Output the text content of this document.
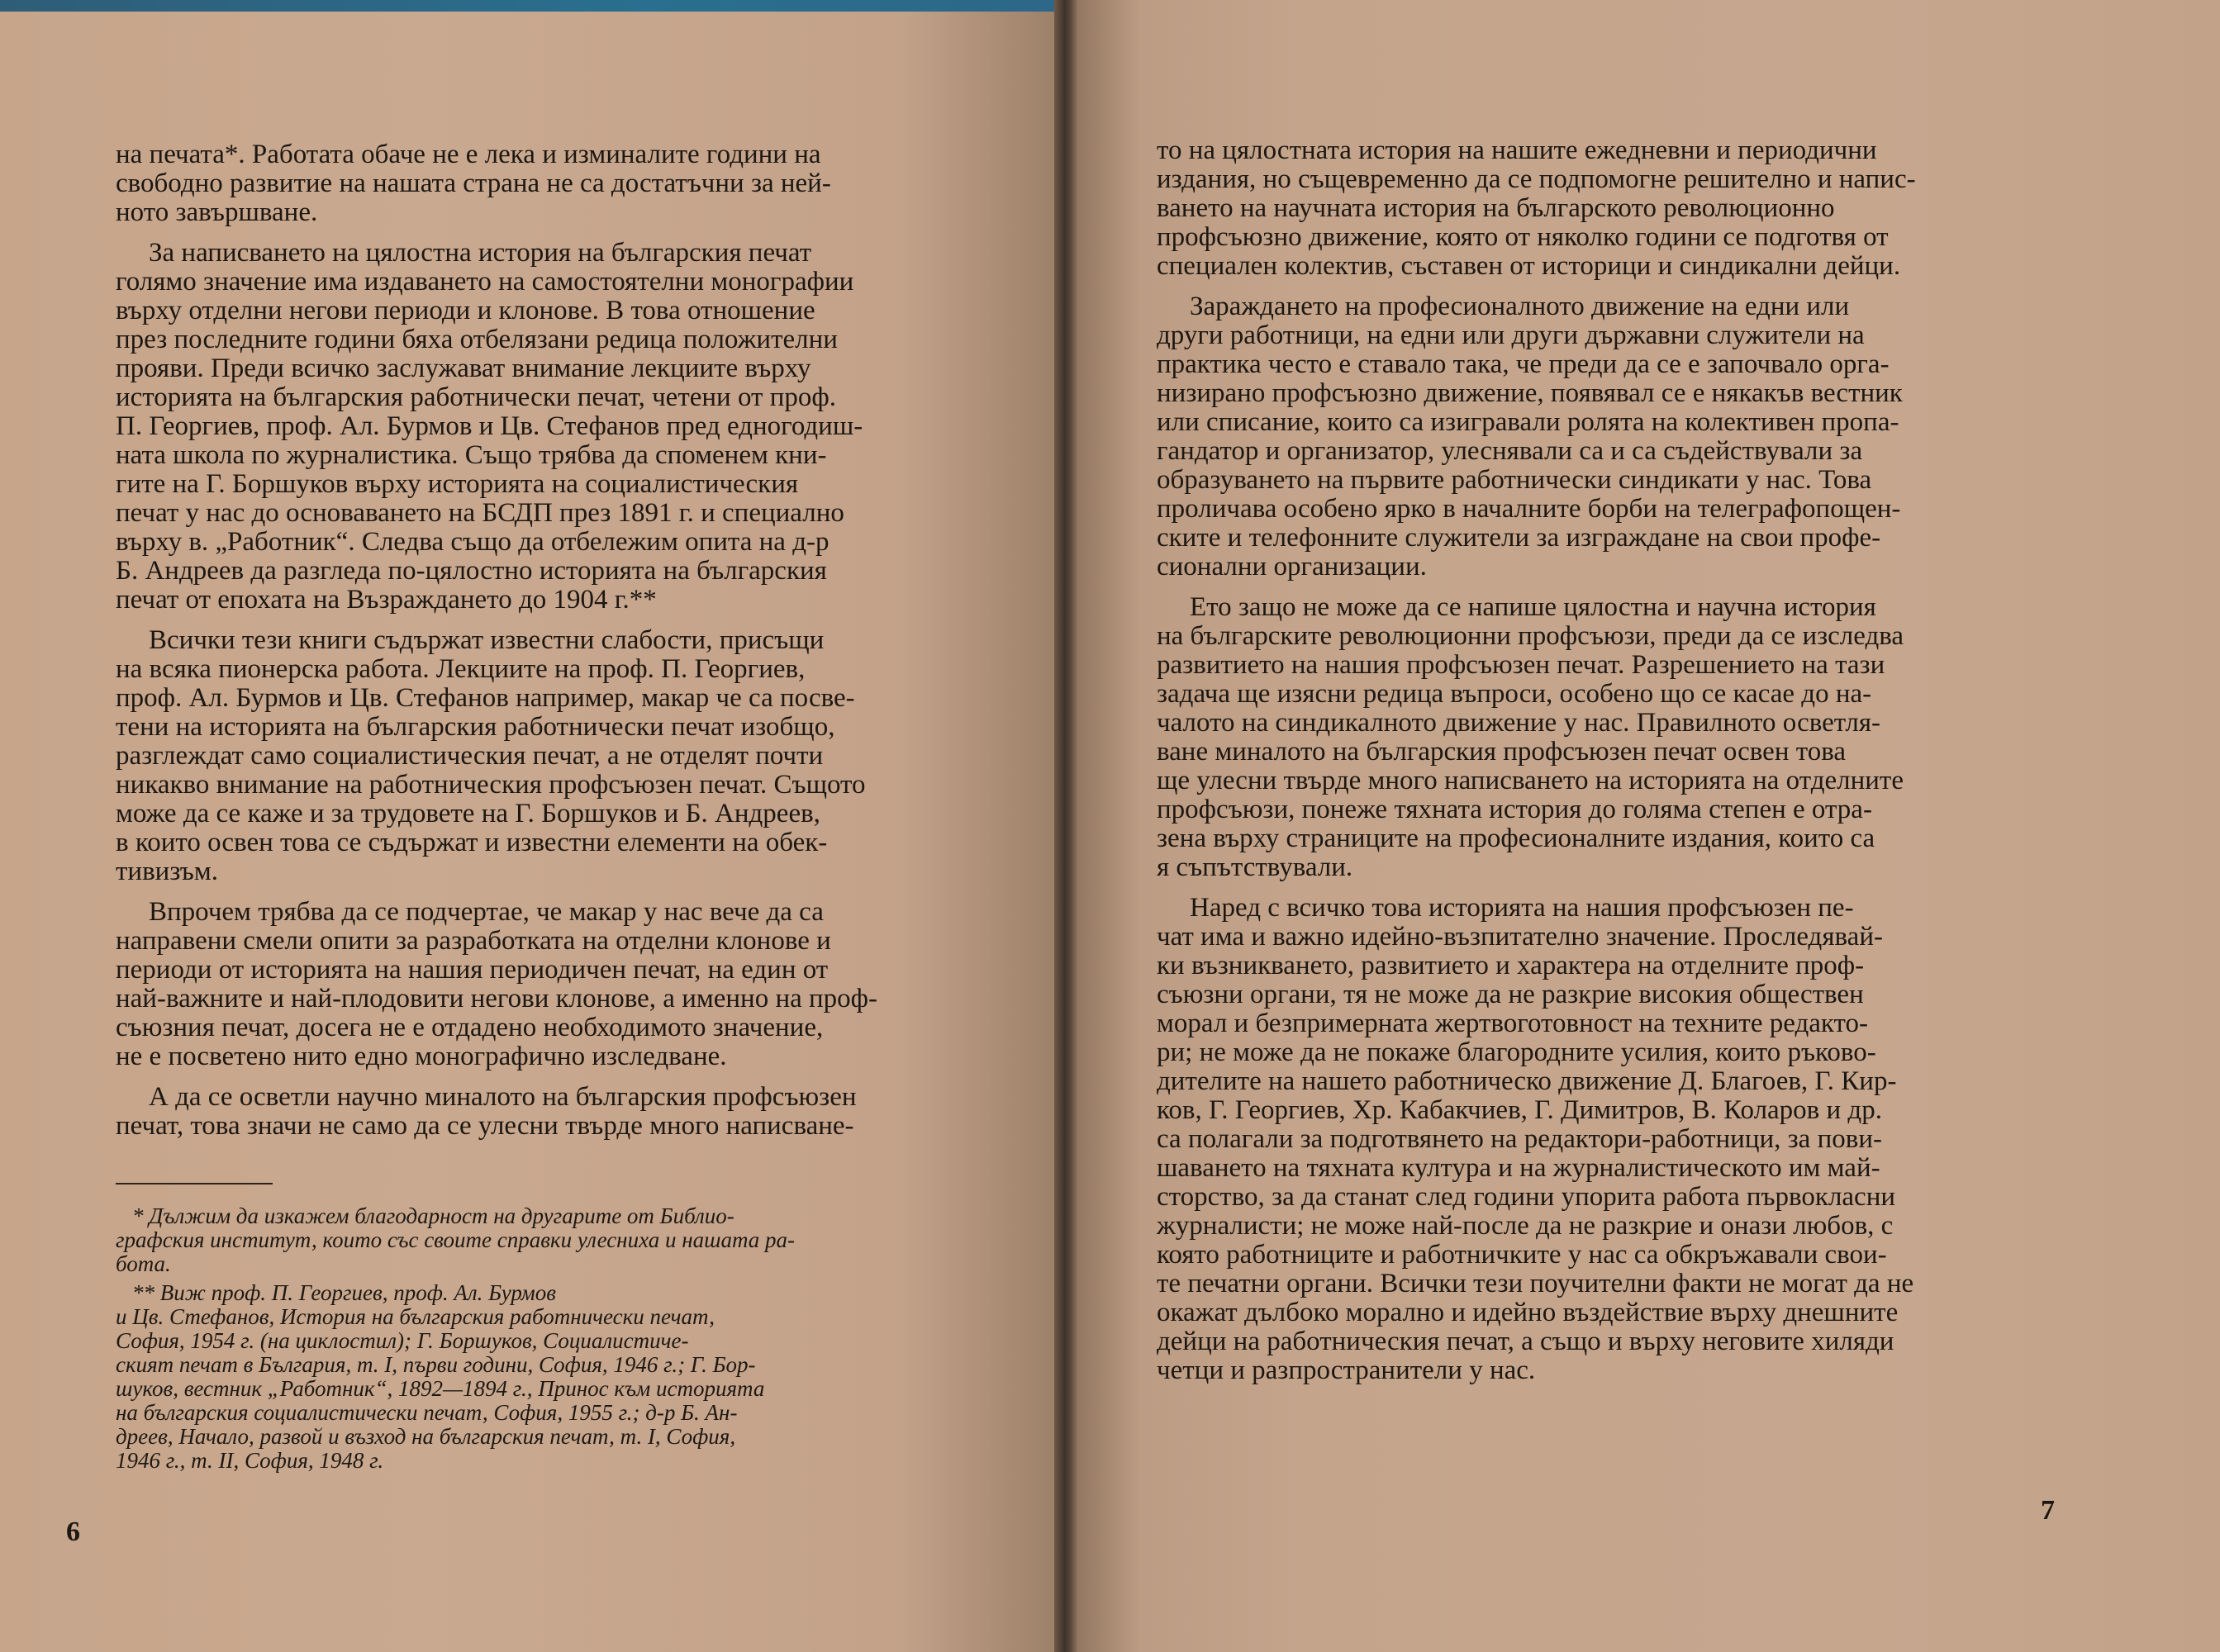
на печата*. Работата обаче не е лека и изминалите години на
свободно развитие на нашата страна не са достатъчни за ней-
ното завършване.

За написването на цялостна история на българския печат
голямо значение има издаването на самостоятелни монографии
върху отделни негови периоди и клонове. В това отношение
през последните години бяха отбелязани редица положителни
прояви. Преди всичко заслужават внимание лекциите върху
историята на българския работнически печат, четени от проф.
П. Георгиев, проф. Ал. Бурмов и Цв. Стефанов пред едногодиш-
ната школа по журналистика. Също трябва да споменем кни-
гите на Г. Боршуков върху историята на социалистическия
печат у нас до основаването на БСДП през 1891 г. и специално
върху в. „Работник“. Следва също да отбележим опита на д-р
Б. Андреев да разгледа по-цялостно историята на българския
печат от епохата на Възраждането до 1904 г.**

Всички тези книги съдържат известни слабости, присъщи
на всяка пионерска работа. Лекциите на проф. П. Георгиев,
проф. Ал. Бурмов и Цв. Стефанов например, макар че са посве-
тени на историята на българския работнически печат изобщо,
разглеждат само социалистическия печат, а не отделят почти
никакво внимание на работническия профсъюзен печат. Същото
може да се каже и за трудовете на Г. Боршуков и Б. Андреев,
в които освен това се съдържат и известни елементи на обек-
тивизъм.

Впрочем трябва да се подчертае, че макар у нас вече да са
направени смели опити за разработката на отделни клонове и
периоди от историята на нашия периодичен печат, на един от
най-важните и най-плодовити негови клонове, а именно на проф-
съюзния печат, досега не е отдадено необходимото значение,
не е посветено нито едно монографично изследване.

А да се осветли научно миналото на българския профсъюзен
печат, това значи не само да се улесни твърде много написване-

* Дължим да изкажем благодарност на другарите от Библио-
графския институт, които със своите справки улесниха и нашата ра-
бота.

** Виж проф. П. Георгиев, проф. Ал. Бурмов
и Цв. Стефанов, История на българския работнически печат,
София, 1954 г. (на циклостил); Г. Боршуков, Социалистиче-
ският печат в България, т. I, първи години, София, 1946 г.; Г. Бор-
шуков, вестник „Работник“, 1892—1894 г., Принос към историята
на българския социалистически печат, София, 1955 г.; д-р Б. Ан-
дреев, Начало, развой и възход на българския печат, т. I, София,
1946 г., т. II, София, 1948 г.

6

то на цялостната история на нашите ежедневни и периодични
издания, но същевременно да се подпомогне решително и напис-
ването на научната история на българското революционно
профсъюзно движение, която от няколко години се подготвя от
специален колектив, съставен от историци и синдикални дейци.

Зараждането на професионалното движение на едни или
други работници, на едни или други държавни служители на
практика често е ставало така, че преди да се е започвало орга-
низирано профсъюзно движение, появявал се е някакъв вестник
или списание, които са изигравали ролята на колективен пропа-
гандатор и организатор, улеснявали са и са съдействували за
образуването на първите работнически синдикати у нас. Това
проличава особено ярко в началните борби на телеграфопощен-
ските и телефонните служители за изграждане на свои профе-
сионални организации.

Ето защо не може да се напише цялостна и научна история
на българските революционни профсъюзи, преди да се изследва
развитието на нашия профсъюзен печат. Разрешението на тази
задача ще изясни редица въпроси, особено що се касае до на-
чалото на синдикалното движение у нас. Правилното осветля-
ване миналото на българския профсъюзен печат освен това
ще улесни твърде много написването на историята на отделните
профсъюзи, понеже тяхната история до голяма степен е отра-
зена върху страниците на професионалните издания, които са
я съпътствували.

Наред с всичко това историята на нашия профсъюзен пе-
чат има и важно идейно-възпитателно значение. Проследявай-
ки възникването, развитието и характера на отделните проф-
съюзни органи, тя не може да не разкрие високия обществен
морал и безпримерната жертвоготовност на техните редакто-
ри; не може да не покаже благородните усилия, които ръково-
дителите на нашето работническо движение Д. Благоев, Г. Кир-
ков, Г. Георгиев, Хр. Кабакчиев, Г. Димитров, В. Коларов и др.
са полагали за подготвянето на редактори-работници, за пови-
шаването на тяхната култура и на журналистическото им май-
сторство, за да станат след години упорита работа първокласни
журналисти; не може най-после да не разкрие и онази любов, с
която работниците и работничките у нас са обкръжавали свои-
те печатни органи. Всички тези поучителни факти не могат да не
окажат дълбоко морално и идейно въздействие върху днешните
дейци на работническия печат, а също и върху неговите хиляди
четци и разпространители у нас.

7
